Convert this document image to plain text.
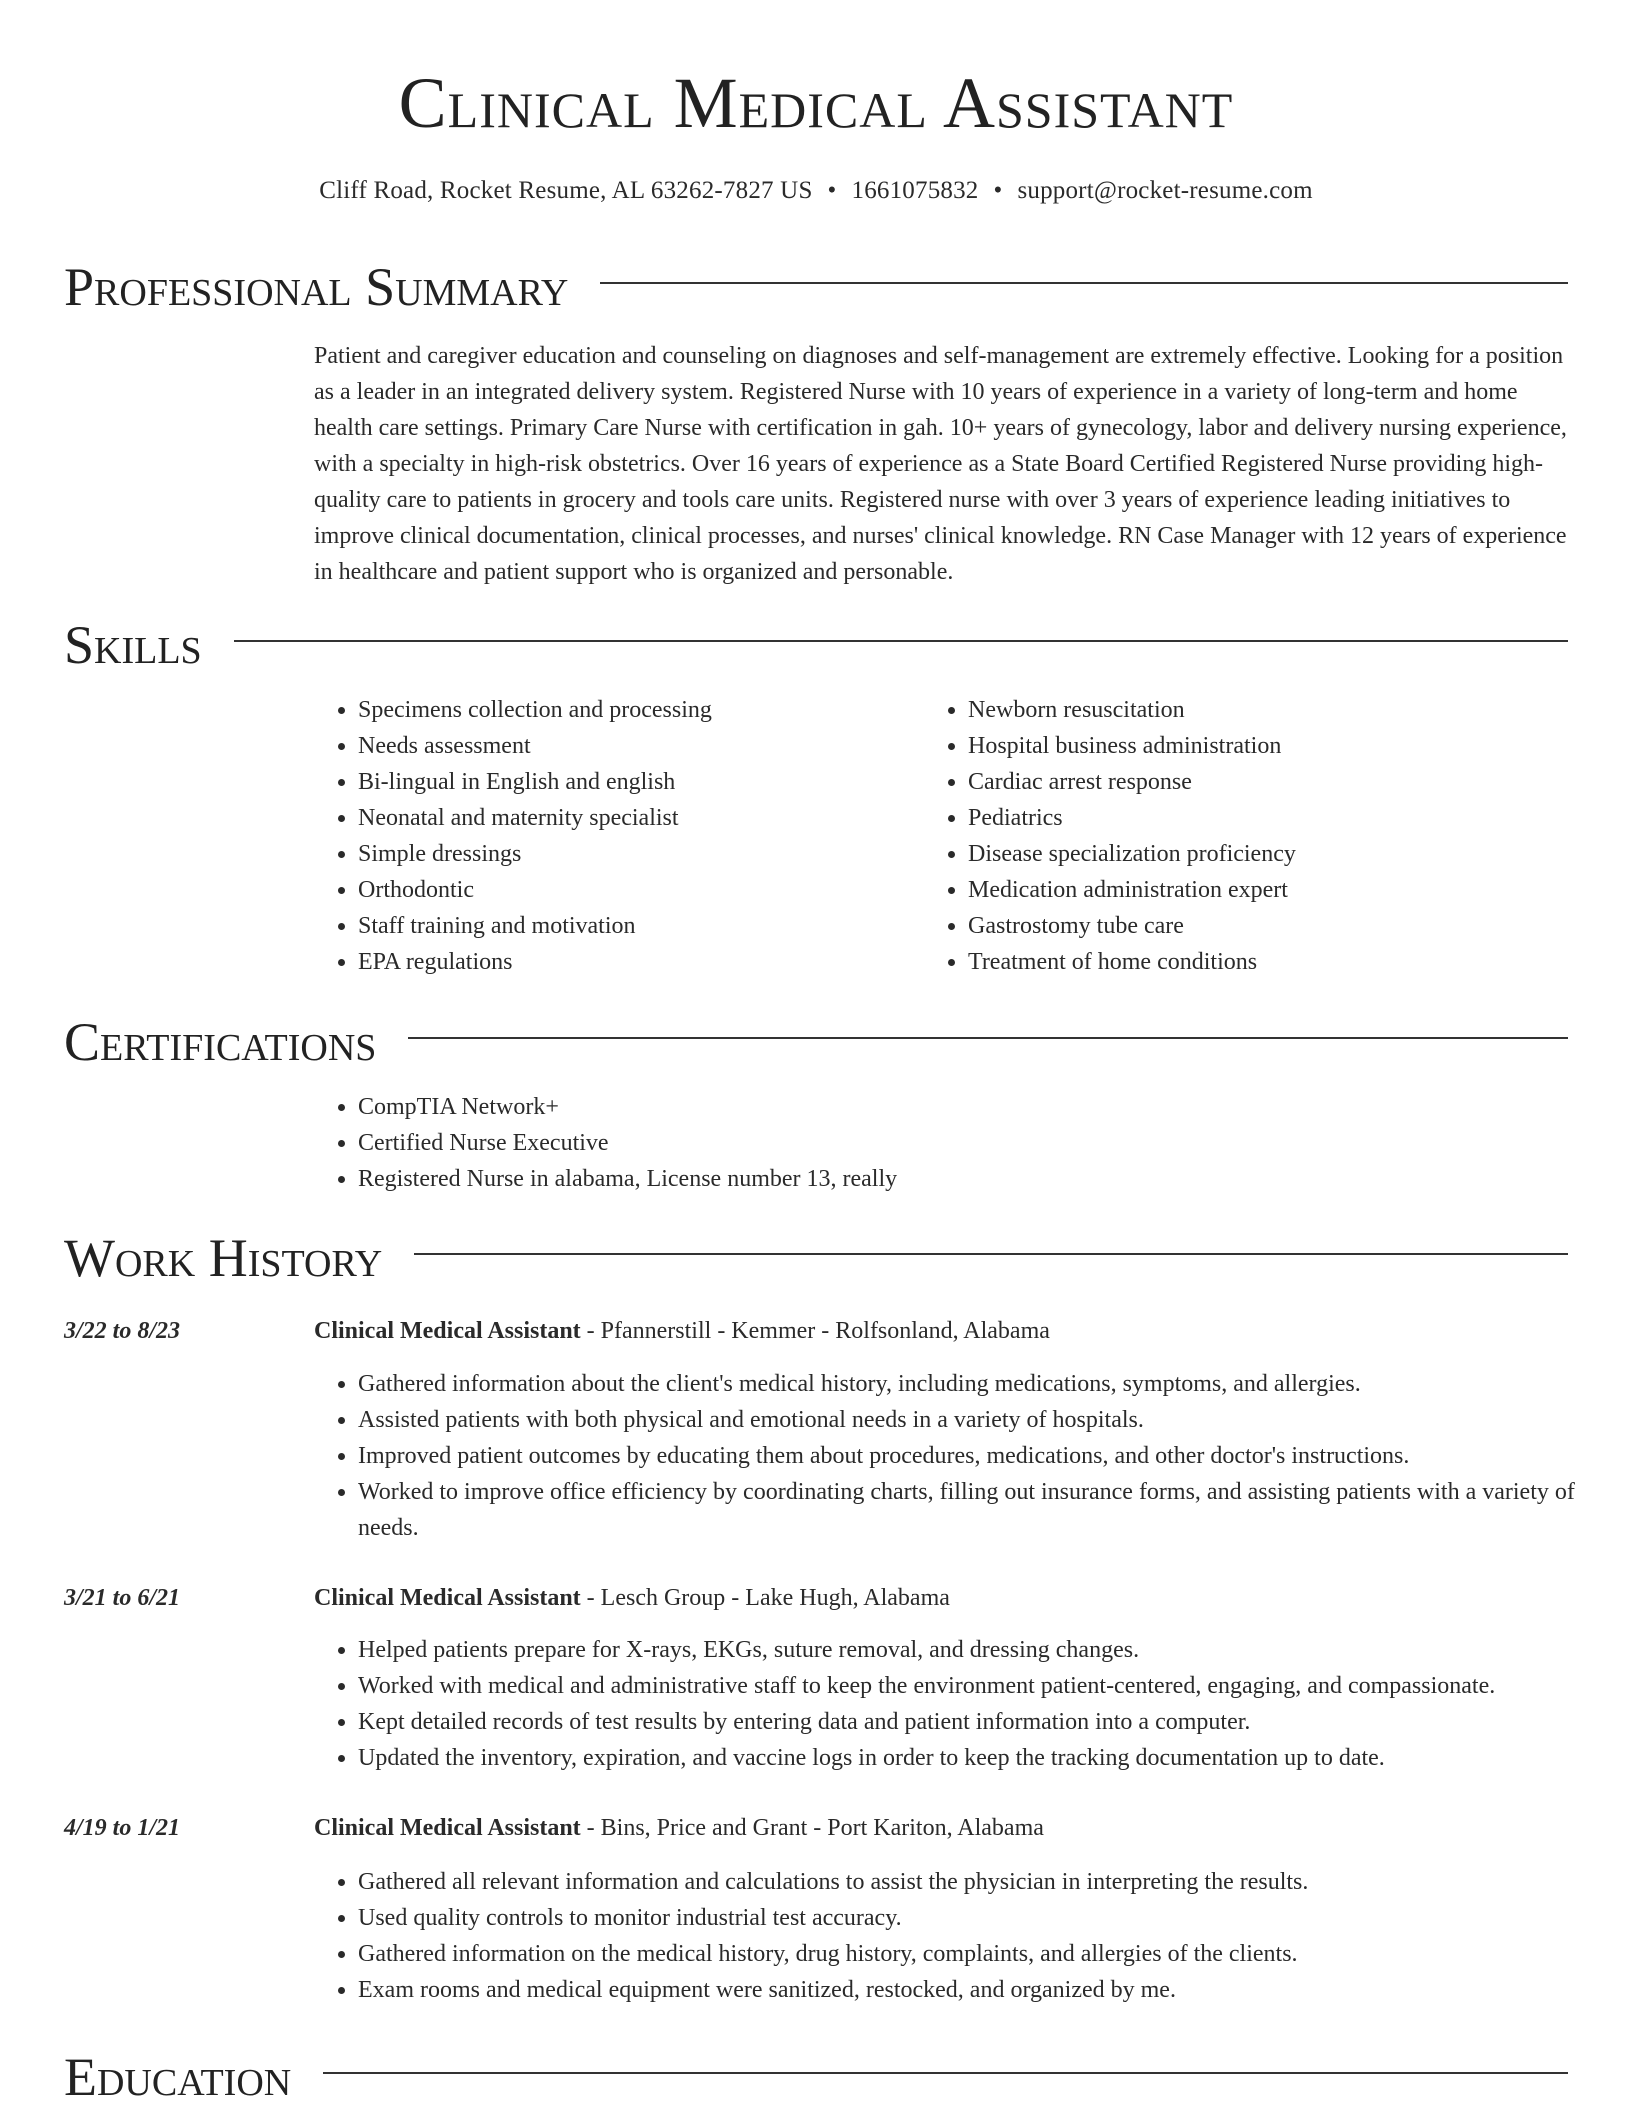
Clinical Medical Assistant
Cliff Road, Rocket Resume, AL 63262-7827 US • 1661075832 • support@rocket-resume.com
Professional Summary

Patient and caregiver education and counseling on diagnoses and self-management are extremely effective. Looking for a position as a leader in an integrated delivery system. Registered Nurse with 10 years of experience in a variety of long-term and home health care settings. Primary Care Nurse with certification in gah. 10+ years of gynecology, labor and delivery nursing experience, with a specialty in high-risk obstetrics. Over 16 years of experience as a State Board Certified Registered Nurse providing high-quality care to patients in grocery and tools care units. Registered nurse with over 3 years of experience leading initiatives to improve clinical documentation, clinical processes, and nurses' clinical knowledge. RN Case Manager with 12 years of experience in healthcare and patient support who is organized and personable.

Skills
• Specimens collection and processing
• Needs assessment
• Bi-lingual in English and english
• Neonatal and maternity specialist
• Simple dressings
• Orthodontic
• Staff training and motivation
• EPA regulations
• Newborn resuscitation
• Hospital business administration
• Cardiac arrest response
• Pediatrics
• Disease specialization proficiency
• Medication administration expert
• Gastrostomy tube care
• Treatment of home conditions
Certifications
• CompTIA Network+
• Certified Nurse Executive
• Registered Nurse in alabama, License number 13, really
Work History
3/22 to 8/23	Clinical Medical Assistant - Pfannerstill - Kemmer - Rolfsonland, Alabama
• Gathered information about the client's medical history, including medications, symptoms, and allergies.
• Assisted patients with both physical and emotional needs in a variety of hospitals.
• Improved patient outcomes by educating them about procedures, medications, and other doctor's instructions.
• Worked to improve office efficiency by coordinating charts, filling out insurance forms, and assisting patients with a variety of needs.
3/21 to 6/21	Clinical Medical Assistant - Lesch Group - Lake Hugh, Alabama
• Helped patients prepare for X-rays, EKGs, suture removal, and dressing changes.
• Worked with medical and administrative staff to keep the environment patient-centered, engaging, and compassionate.
• Kept detailed records of test results by entering data and patient information into a computer.
• Updated the inventory, expiration, and vaccine logs in order to keep the tracking documentation up to date.
4/19 to 1/21	Clinical Medical Assistant - Bins, Price and Grant - Port Kariton, Alabama
• Gathered all relevant information and calculations to assist the physician in interpreting the results.
• Used quality controls to monitor industrial test accuracy.
• Gathered information on the medical history, drug history, complaints, and allergies of the clients.
• Exam rooms and medical equipment were sanitized, restocked, and organized by me.
Education
